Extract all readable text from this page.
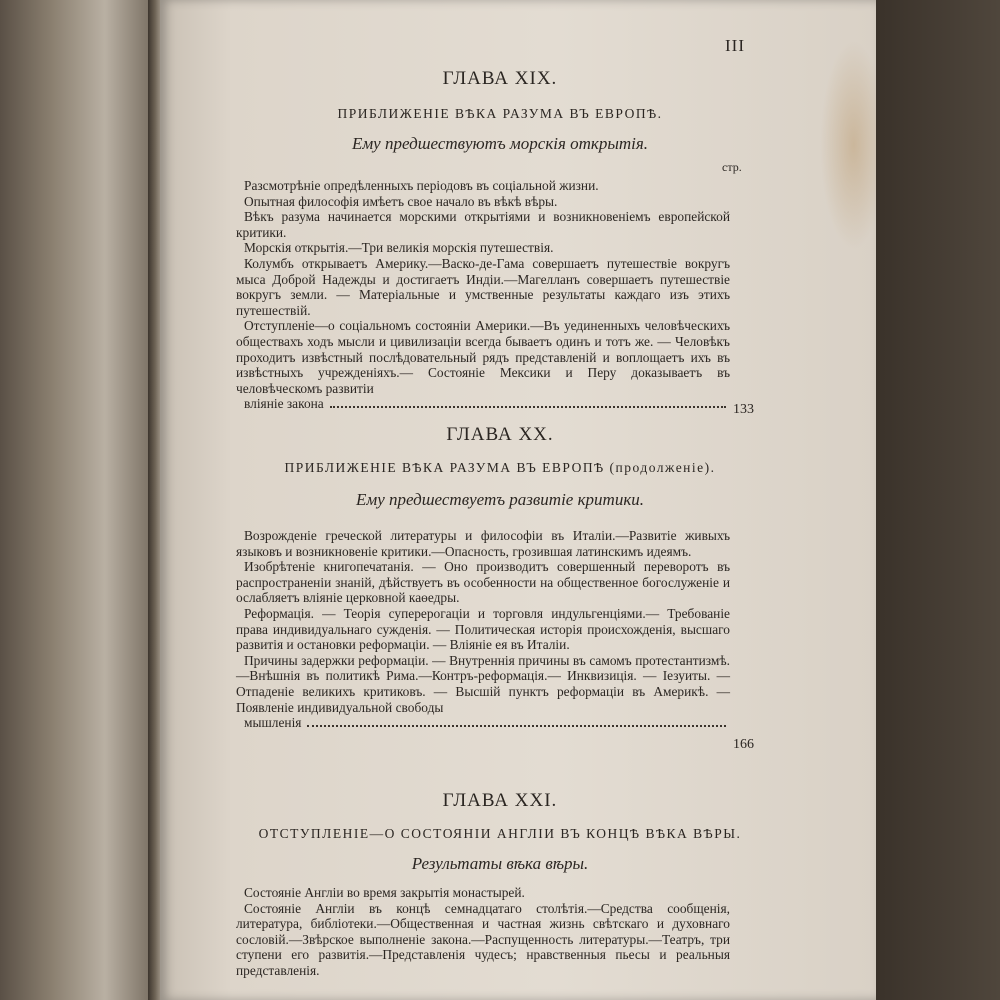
III
ГЛАВА XIX.
ПРИБЛИЖЕНІЕ ВѢКА РАЗУМА ВЪ ЕВРОПѢ.
Ему предшествуютъ морскія открытія.
стр.
Разсмотрѣніе опредѣленныхъ періодовъ въ соціальной жизни.
Опытная философія имѣетъ свое начало въ вѣкѣ вѣры.
Вѣкъ разума начинается морскими открытіями и возникновеніемъ европейской критики.
Морскія открытія.—Три великія морскія путешествія.
Колумбъ открываетъ Америку.—Васко-де-Гама совершаетъ путешествіе вокругъ мыса Доброй Надежды и достигаетъ Индіи.—Магелланъ совершаетъ путешествіе вокругъ земли. — Матеріальные и умственные результаты каждаго изъ этихъ путешествій.
Отступленіе—о соціальномъ состояніи Америки.—Въ уединенныхъ человѣческихъ обществахъ ходъ мысли и цивилизаціи всегда бываетъ одинъ и тотъ же. — Человѣкъ проходитъ извѣстный послѣдовательный рядъ представленій и воплощаетъ ихъ въ извѣстныхъ учрежденіяхъ.— Состояніе Мексики и Перу доказываетъ въ человѣческомъ развитіи
вліяніе закона	133
ГЛАВА XX.
ПРИБЛИЖЕНІЕ ВѢКА РАЗУМА ВЪ ЕВРОПѢ (продолженіе).
Ему предшествуетъ развитіе критики.
Возрожденіе греческой литературы и философіи въ Италіи.—Развитіе живыхъ языковъ и возникновеніе критики.—Опасность, грозившая латинскимъ идеямъ.
Изобрѣтеніе книгопечатанія. — Оно производитъ совершенный переворотъ въ распространеніи знаній, дѣйствуетъ въ особенности на общественное богослуженіе и ослабляетъ вліяніе церковной каѳедры.
Реформація. — Теорія суперерогаціи и торговля индульгенціями.— Требованіе права индивидуальнаго сужденія. — Политическая исторія происхожденія, высшаго развитія и остановки реформаціи. — Вліяніе ея въ Италіи.
Причины задержки реформаціи. — Внутреннія причины въ самомъ протестантизмѣ.—Внѣшнія въ политикѣ Рима.—Контръ-реформація.— Инквизиція. — Іезуиты. — Отпаденіе великихъ критиковъ. — Высшій пунктъ реформаціи въ Америкѣ. — Появленіе индивидуальной свободы
мышленія
166
ГЛАВА XXI.
ОТСТУПЛЕНІЕ—О СОСТОЯНІИ АНГЛІИ ВЪ КОНЦѢ ВѢКА ВѢРЫ.
Результаты вѣка вѣры.
Состояніе Англіи во время закрытія монастырей.
Состояніе Англіи въ концѣ семнадцатаго столѣтія.—Средства сообщенія, литература, библіотеки.—Общественная и частная жизнь свѣтскаго и духовнаго сословій.—Звѣрское выполненіе закона.—Распущенность литературы.—Театръ, три ступени его развитія.—Представленія чудесъ; нравственныя пьесы и реальныя представленія.
